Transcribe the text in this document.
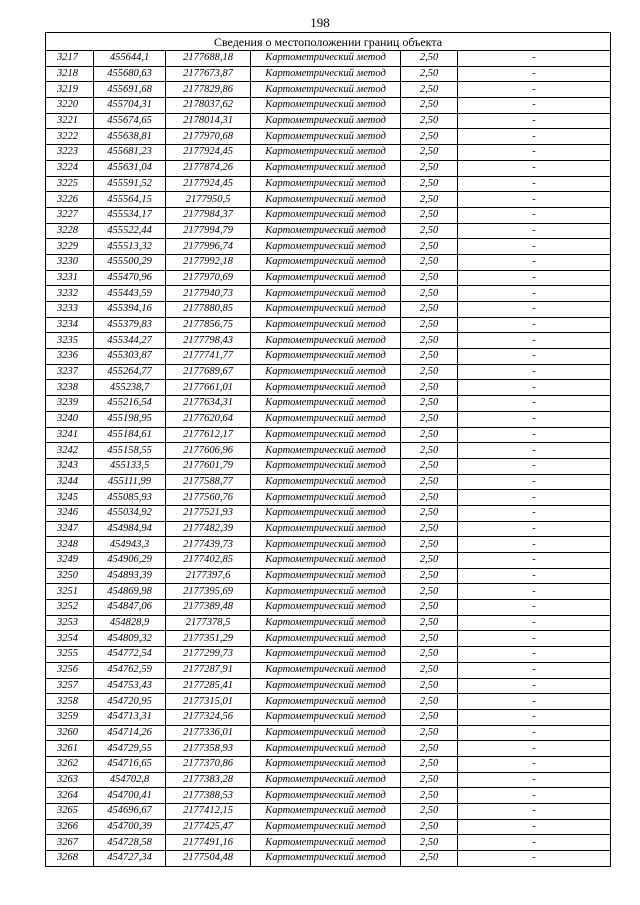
198
Сведения о местоположении границ объекта					
3217	455644,1	2177688,18	Картометрический метод	2,50	-
3218	455680,63	2177673,87	Картометрический метод	2,50	-
3219	455691,68	2177829,86	Картометрический метод	2,50	-
3220	455704,31	2178037,62	Картометрический метод	2,50	-
3221	455674,65	2178014,31	Картометрический метод	2,50	-
3222	455638,81	2177970,68	Картометрический метод	2,50	-
3223	455681,23	2177924,45	Картометрический метод	2,50	-
3224	455631,04	2177874,26	Картометрический метод	2,50	-
3225	455591,52	2177924,45	Картометрический метод	2,50	-
3226	455564,15	2177950,5	Картометрический метод	2,50	-
3227	455534,17	2177984,37	Картометрический метод	2,50	-
3228	455522,44	2177994,79	Картометрический метод	2,50	-
3229	455513,32	2177996,74	Картометрический метод	2,50	-
3230	455500,29	2177992,18	Картометрический метод	2,50	-
3231	455470,96	2177970,69	Картометрический метод	2,50	-
3232	455443,59	2177940,73	Картометрический метод	2,50	-
3233	455394,16	2177880,85	Картометрический метод	2,50	-
3234	455379,83	2177856,75	Картометрический метод	2,50	-
3235	455344,27	2177798,43	Картометрический метод	2,50	-
3236	455303,87	2177741,77	Картометрический метод	2,50	-
3237	455264,77	2177689,67	Картометрический метод	2,50	-
3238	455238,7	2177661,01	Картометрический метод	2,50	-
3239	455216,54	2177634,31	Картометрический метод	2,50	-
3240	455198,95	2177620,64	Картометрический метод	2,50	-
3241	455184,61	2177612,17	Картометрический метод	2,50	-
3242	455158,55	2177606,96	Картометрический метод	2,50	-
3243	455133,5	2177601,79	Картометрический метод	2,50	-
3244	455111,99	2177588,77	Картометрический метод	2,50	-
3245	455085,93	2177560,76	Картометрический метод	2,50	-
3246	455034,92	2177521,93	Картометрический метод	2,50	-
3247	454984,94	2177482,39	Картометрический метод	2,50	-
3248	454943,3	2177439,73	Картометрический метод	2,50	-
3249	454906,29	2177402,85	Картометрический метод	2,50	-
3250	454893,39	2177397,6	Картометрический метод	2,50	-
3251	454869,98	2177395,69	Картометрический метод	2,50	-
3252	454847,06	2177389,48	Картометрический метод	2,50	-
3253	454828,9	2177378,5	Картометрический метод	2,50	-
3254	454809,32	2177351,29	Картометрический метод	2,50	-
3255	454772,54	2177299,73	Картометрический метод	2,50	-
3256	454762,59	2177287,91	Картометрический метод	2,50	-
3257	454753,43	2177285,41	Картометрический метод	2,50	-
3258	454720,95	2177315,01	Картометрический метод	2,50	-
3259	454713,31	2177324,56	Картометрический метод	2,50	-
3260	454714,26	2177336,01	Картометрический метод	2,50	-
3261	454729,55	2177358,93	Картометрический метод	2,50	-
3262	454716,65	2177370,86	Картометрический метод	2,50	-
3263	454702,8	2177383,28	Картометрический метод	2,50	-
3264	454700,41	2177388,53	Картометрический метод	2,50	-
3265	454696,67	2177412,15	Картометрический метод	2,50	-
3266	454700,39	2177425,47	Картометрический метод	2,50	-
3267	454728,58	2177491,16	Картометрический метод	2,50	-
3268	454727,34	2177504,48	Картометрический метод	2,50	-
